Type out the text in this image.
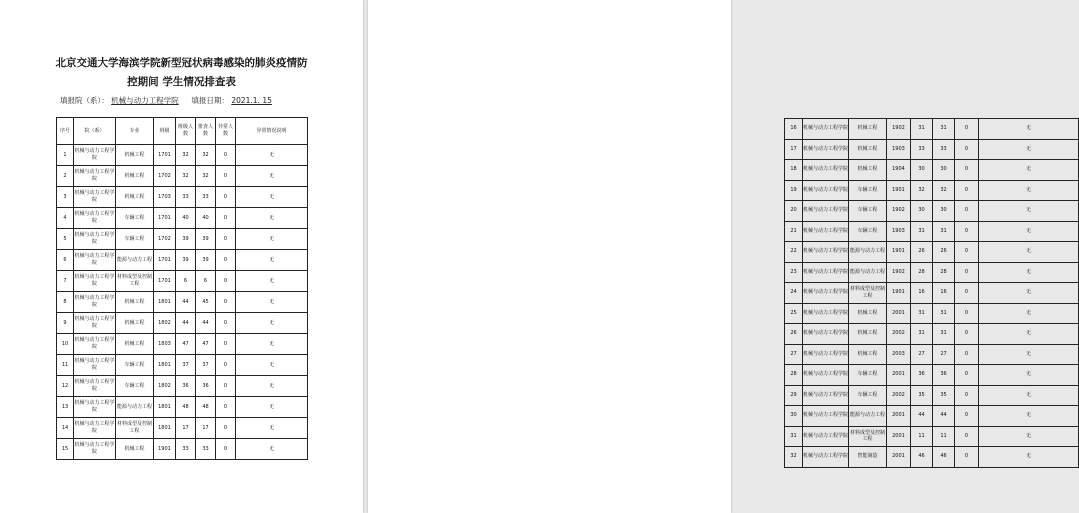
北京交通大学海滨学院新型冠状病毒感染的肺炎疫情防
控期间 学生情况排查表
填报院（系）： 机械与动力工程学院 填报日期： 2021.1. 15
序号	院（系）	专业	班级	班级人数	排查人数	异常人数	异常情况说明
1	机械与动力工程学院	机械工程	1701	32	32	0	无
2	机械与动力工程学院	机械工程	1702	32	32	0	无
3	机械与动力工程学院	机械工程	1703	33	33	0	无
4	机械与动力工程学院	车辆工程	1701	40	40	0	无
5	机械与动力工程学院	车辆工程	1702	39	39	0	无
6	机械与动力工程学院	能源与动力工程	1701	39	39	0	无
7	机械与动力工程学院	材料成型及控制工程	1701	6	6	0	无
8	机械与动力工程学院	机械工程	1801	44	45	0	无
9	机械与动力工程学院	机械工程	1802	44	44	0	无
10	机械与动力工程学院	机械工程	1803	47	47	0	无
11	机械与动力工程学院	车辆工程	1801	37	37	0	无
12	机械与动力工程学院	车辆工程	1802	36	36	0	无
13	机械与动力工程学院	能源与动力工程	1801	48	48	0	无
14	机械与动力工程学院	材料成型及控制工程	1801	17	17	0	无
15	机械与动力工程学院	机械工程	1901	33	33	0	无
16	机械与动力工程学院	机械工程	1902	31	31	0	无
17	机械与动力工程学院	机械工程	1903	33	33	0	无
18	机械与动力工程学院	机械工程	1904	30	30	0	无
19	机械与动力工程学院	车辆工程	1901	32	32	0	无
20	机械与动力工程学院	车辆工程	1902	30	30	0	无
21	机械与动力工程学院	车辆工程	1903	31	31	0	无
22	机械与动力工程学院	能源与动力工程	1901	26	26	0	无
23	机械与动力工程学院	能源与动力工程	1902	28	28	0	无
24	机械与动力工程学院	材料成型及控制工程	1901	16	16	0	无
25	机械与动力工程学院	机械工程	2001	31	31	0	无
26	机械与动力工程学院	机械工程	2002	31	31	0	无
27	机械与动力工程学院	机械工程	2003	27	27	0	无
28	机械与动力工程学院	车辆工程	2001	36	36	0	无
29	机械与动力工程学院	车辆工程	2002	35	35	0	无
30	机械与动力工程学院	能源与动力工程	2001	44	44	0	无
31	机械与动力工程学院	材料成型及控制工程	2001	11	11	0	无
32	机械与动力工程学院	智能制造	2001	46	46	0	无
